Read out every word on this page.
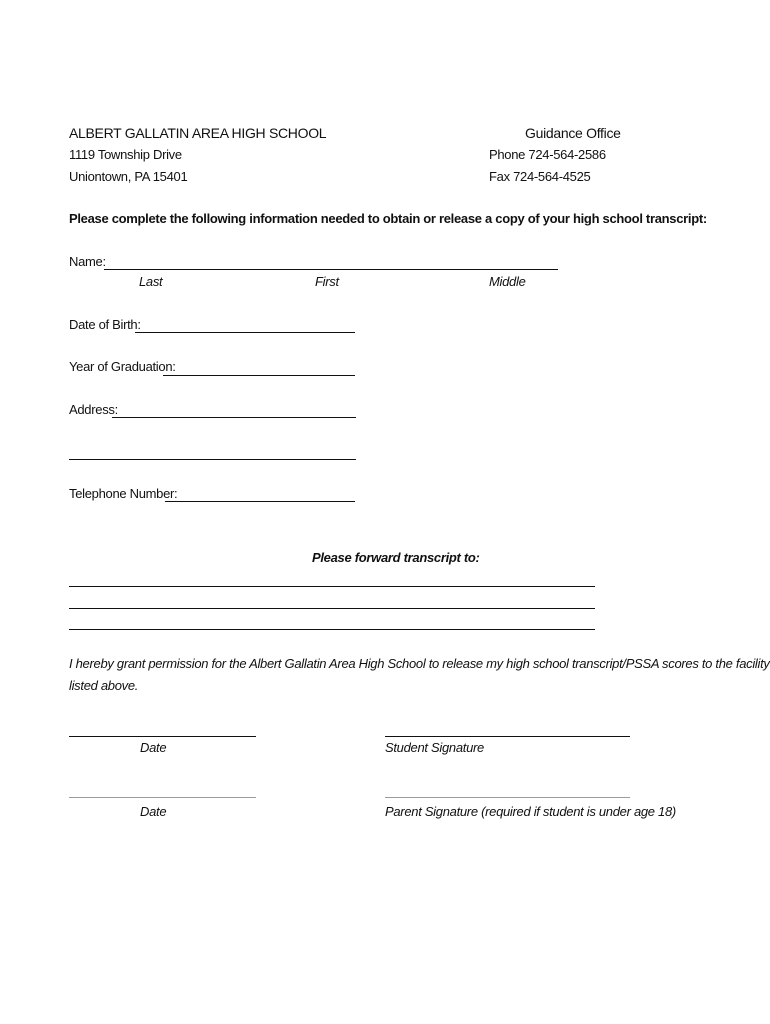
ALBERT GALLATIN AREA HIGH SCHOOL
1119 Township Drive
Uniontown, PA 15401
Guidance Office
Phone 724-564-2586
Fax 724-564-4525
Please complete the following information needed to obtain or release a copy of your high school transcript:
Name:
Last	First	Middle
Date of Birth:
Year of Graduation:
Address:
Telephone Number:
Please forward transcript to:
I hereby grant permission for the Albert Gallatin Area High School to release my high school transcript/PSSA scores to the facility
listed above.
Date	Student Signature
Date	Parent Signature (required if student is under age 18)
